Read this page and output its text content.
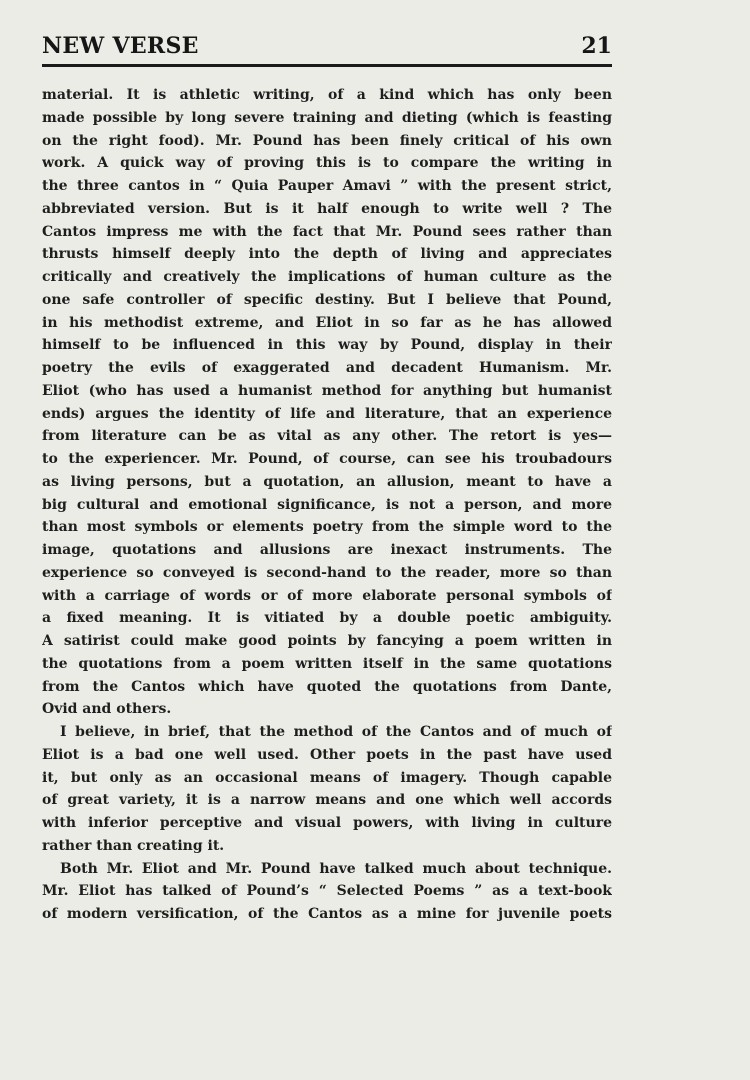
NEW VERSE	21
material. It is athletic writing, of a kind which has only been
made possible by long severe training and dieting (which is feasting
on the right food). Mr. Pound has been finely critical of his own
work. A quick way of proving this is to compare the writing in
the three cantos in “ Quia Pauper Amavi ” with the present strict,
abbreviated version. But is it half enough to write well ? The
Cantos impress me with the fact that Mr. Pound sees rather than
thrusts himself deeply into the depth of living and appreciates
critically and creatively the implications of human culture as the
one safe controller of specific destiny. But I believe that Pound,
in his methodist extreme, and Eliot in so far as he has allowed
himself to be influenced in this way by Pound, display in their
poetry the evils of exaggerated and decadent Humanism. Mr.
Eliot (who has used a humanist method for anything but humanist
ends) argues the identity of life and literature, that an experience
from literature can be as vital as any other. The retort is yes—
to the experiencer. Mr. Pound, of course, can see his troubadours
as living persons, but a quotation, an allusion, meant to have a
big cultural and emotional significance, is not a person, and more
than most symbols or elements poetry from the simple word to the
image, quotations and allusions are inexact instruments. The
experience so conveyed is second-hand to the reader, more so than
with a carriage of words or of more elaborate personal symbols of
a fixed meaning. It is vitiated by a double poetic ambiguity.
A satirist could make good points by fancying a poem written in
the quotations from a poem written itself in the same quotations
from the Cantos which have quoted the quotations from Dante,
Ovid and others.
I believe, in brief, that the method of the Cantos and of much of
Eliot is a bad one well used. Other poets in the past have used
it, but only as an occasional means of imagery. Though capable
of great variety, it is a narrow means and one which well accords
with inferior perceptive and visual powers, with living in culture
rather than creating it.
Both Mr. Eliot and Mr. Pound have talked much about technique.
Mr. Eliot has talked of Pound’s “ Selected Poems ” as a text-book
of modern versification, of the Cantos as a mine for juvenile poets
